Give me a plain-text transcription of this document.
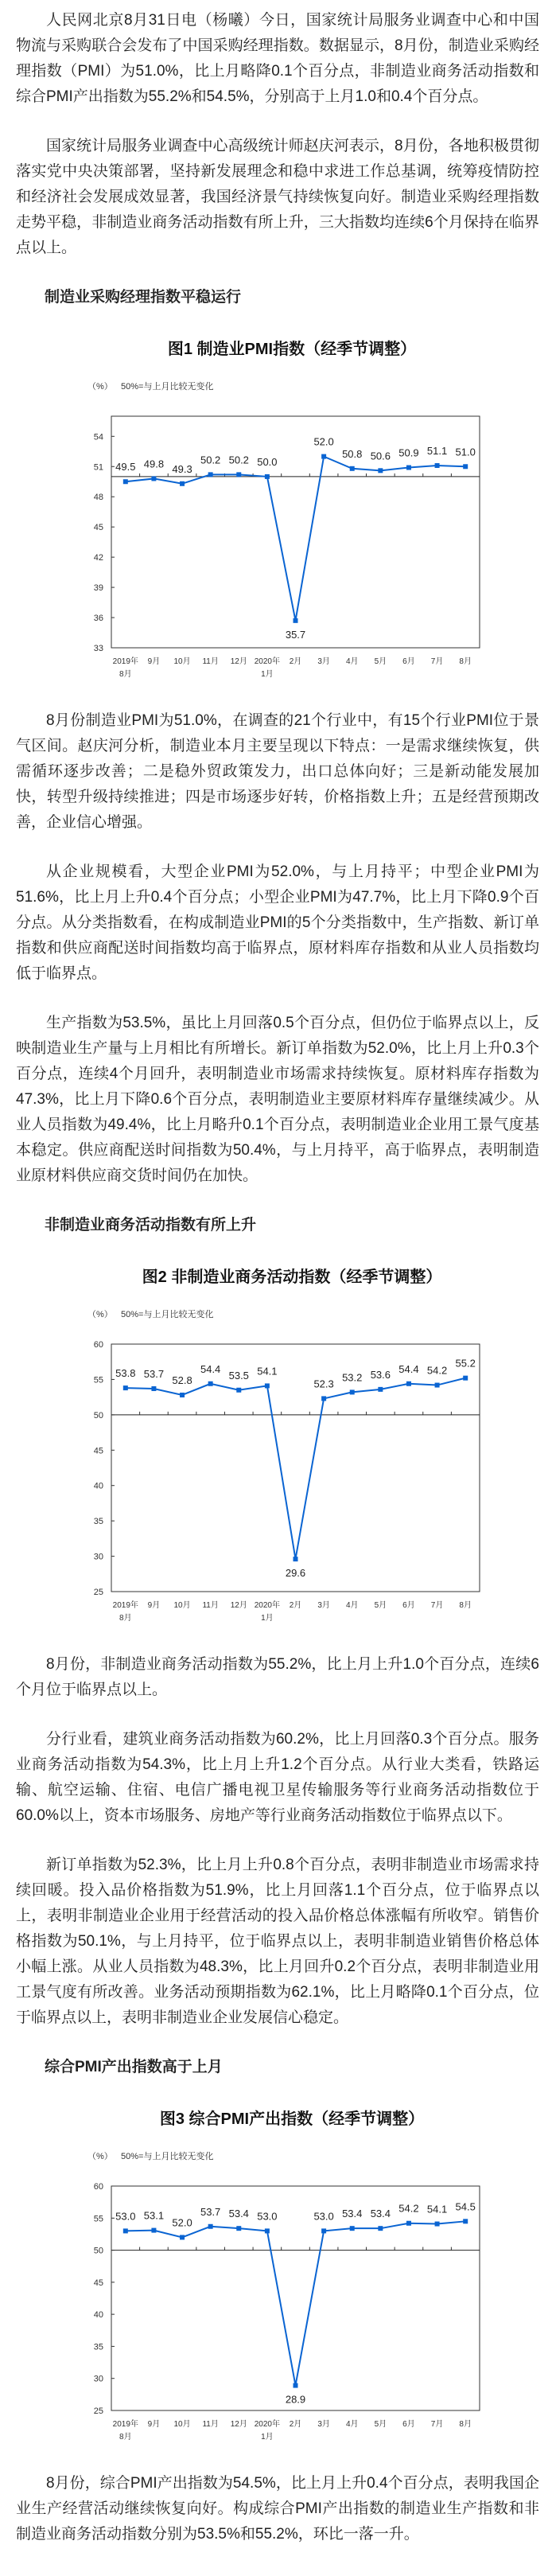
人民网北京8月31日电（杨曦）今日，国家统计局服务业调查中心和中国物流与采购联合会发布了中国采购经理指数。数据显示，8月份，制造业采购经理指数（PMI）为51.0%，比上月略降0.1个百分点，非制造业商务活动指数和综合PMI产出指数为55.2%和54.5%，分别高于上月1.0和0.4个百分点。

国家统计局服务业调查中心高级统计师赵庆河表示，8月份，各地积极贯彻落实党中央决策部署，坚持新发展理念和稳中求进工作总基调，统筹疫情防控和经济社会发展成效显著，我国经济景气持续恢复向好。制造业采购经理指数走势平稳，非制造业商务活动指数有所上升，三大指数均连续6个月保持在临界点以上。

制造业采购经理指数平稳运行
图1 制造业PMI指数（经季节调整）
（%） 50%=与上月比较无变化
33
36
39
42
45
48
51
54
2019年
8月
9月 10月 11月 12月 2020年
1月
2月 3月 4月 5月 6月 7月 8月
49.5 49.8 49.3
50.2 50.2 50.0
35.7
52.0
50.8 50.6 50.9 51.1 51.0

8月份制造业PMI为51.0%，在调查的21个行业中，有15个行业PMI位于景气区间。赵庆河分析，制造业本月主要呈现以下特点：一是需求继续恢复，供需循环逐步改善；二是稳外贸政策发力，出口总体向好；三是新动能发展加快，转型升级持续推进；四是市场逐步好转，价格指数上升；五是经营预期改善，企业信心增强。

从企业规模看，大型企业PMI为52.0%，与上月持平；中型企业PMI为51.6%，比上月上升0.4个百分点；小型企业PMI为47.7%，比上月下降0.9个百分点。从分类指数看，在构成制造业PMI的5个分类指数中，生产指数、新订单指数和供应商配送时间指数均高于临界点，原材料库存指数和从业人员指数均低于临界点。

生产指数为53.5%，虽比上月回落0.5个百分点，但仍位于临界点以上，反映制造业生产量与上月相比有所增长。新订单指数为52.0%，比上月上升0.3个百分点，连续4个月回升，表明制造业市场需求持续恢复。原材料库存指数为47.3%，比上月下降0.6个百分点，表明制造业主要原材料库存量继续减少。从业人员指数为49.4%，比上月略升0.1个百分点，表明制造业企业用工景气度基本稳定。供应商配送时间指数为50.4%，与上月持平，高于临界点，表明制造业原材料供应商交货时间仍在加快。

非制造业商务活动指数有所上升
图2 非制造业商务活动指数（经季节调整）
（%） 50%=与上月比较无变化
25
30
35
40
45
50
55
60
2019年
8月
9月 10月 11月 12月 2020年
1月
2月 3月 4月 5月 6月 7月 8月
53.8 53.7
52.8
54.4
53.5 54.1
29.6
52.3
53.2 53.6 54.4 54.2
55.2

8月份，非制造业商务活动指数为55.2%，比上月上升1.0个百分点，连续6个月位于临界点以上。

分行业看，建筑业商务活动指数为60.2%，比上月回落0.3个百分点。服务业商务活动指数为54.3%，比上月上升1.2个百分点。从行业大类看，铁路运输、航空运输、住宿、电信广播电视卫星传输服务等行业商务活动指数位于60.0%以上，资本市场服务、房地产等行业商务活动指数位于临界点以下。

新订单指数为52.3%，比上月上升0.8个百分点，表明非制造业市场需求持续回暖。投入品价格指数为51.9%，比上月回落1.1个百分点，位于临界点以上，表明非制造业企业用于经营活动的投入品价格总体涨幅有所收窄。销售价格指数为50.1%，与上月持平，位于临界点以上，表明非制造业销售价格总体小幅上涨。从业人员指数为48.3%，比上月回升0.2个百分点，表明非制造业用工景气度有所改善。业务活动预期指数为62.1%，比上月略降0.1个百分点，位于临界点以上，表明非制造业企业发展信心稳定。

综合PMI产出指数高于上月
图3 综合PMI产出指数（经季节调整）
（%） 50%=与上月比较无变化
25
30
35
40
45
50
55
60
2019年
8月
9月 10月 11月 12月 2020年
1月
2月 3月 4月 5月 6月 7月 8月
53.0 53.1
52.0
53.7 53.4 53.0
28.9
53.0 53.4 53.4 54.2 54.1 54.5

8月份，综合PMI产出指数为54.5%，比上月上升0.4个百分点，表明我国企业生产经营活动继续恢复向好。构成综合PMI产出指数的制造业生产指数和非制造业商务活动指数分别为53.5%和55.2%，环比一落一升。
